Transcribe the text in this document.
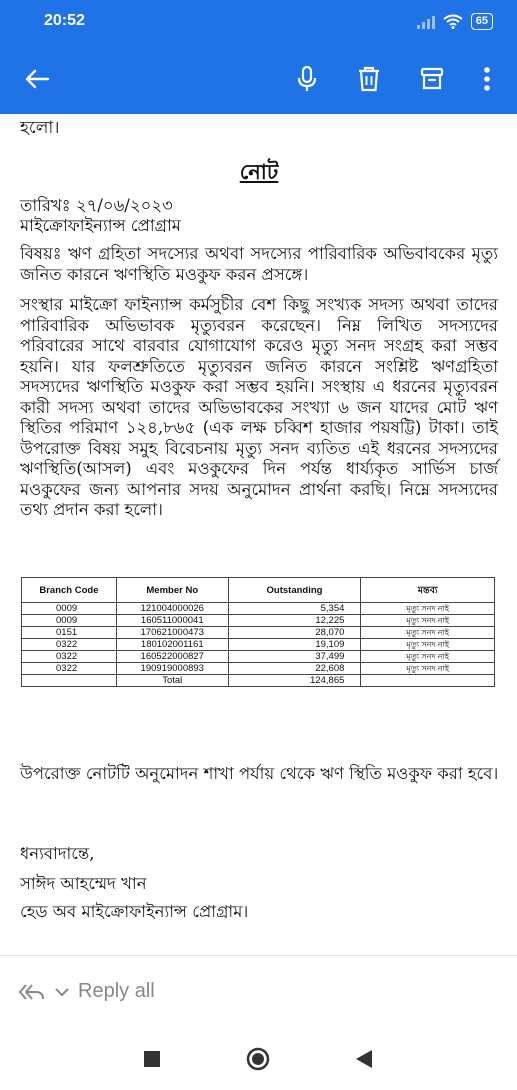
20:52	65
হলো।
নোট
তারিখঃ ২৭/০৬/২০২৩
মাইক্রোফাইন্যান্স প্রোগ্রাম
বিষয়ঃ ঋণ গ্রহিতা সদস্যের অথবা সদস্যের পারিবারিক অভিবাবকের মৃত্যু জনিত কারনে ঋণস্থিতি মওকুফ করন প্রসঙ্গে।
সংস্থার মাইক্রো ফাইন্যান্স কর্মসুচীর বেশ কিছু সংখ্যক সদস্য অথবা তাদের পারিবারিক অভিভাবক মৃত্যুবরন করেছেন। নিম্ন লিখিত সদস্যদের পরিবারের সাথে বারবার যোগাযোগ করেও মৃত্যু সনদ সংগ্রহ করা সম্ভব হয়নি। যার ফলশ্রুতিতে মৃত্যুবরন জনিত কারনে সংশ্লিষ্ট ঋণগ্রহিতা সদস্যদের ঋণস্থিতি মওকুফ করা সম্ভব হয়নি। সংস্থায় এ ধরনের মৃত্যুবরন কারী সদস্য অথবা তাদের অভিভাবকের সংখ্যা ৬ জন যাদের মোট ঋণ স্থিতির পরিমাণ ১২৪,৮৬৫ (এক লক্ষ চব্বিশ হাজার পয়ষট্টি) টাকা। তাই উপরোক্ত বিষয় সমুহ বিবেচনায় মৃত্যু সনদ ব্যতিত এই ধরনের সদস্যদের ঋণস্থিতি(আসল) এবং মওকুফের দিন পর্যন্ত ধার্য্যকৃত সার্ভিস চার্জ মওকুফের জন্য আপনার সদয় অনুমোদন প্রার্থনা করছি। নিম্নে সদস্যদের তথ্য প্রদান করা হলো।
Branch Code	Member No	Outstanding	মন্তব্য
0009	121004000026	5,354	মৃত্যু সনদ নাই
0009	160511000041	12,225	মৃত্যু সনদ নাই
0151	170621000473	28,070	মৃত্যু সনদ নাই
0322	180102001161	19,109	মৃত্যু সনদ নাই
0322	160522000827	37,499	মৃত্যু সনদ নাই
0322	190919000893	22,608	মৃত্যু সনদ নাই
	Total	124,865	
উপরোক্ত নোটটি অনুমোদন শাখা পর্যায় থেকে ঋণ স্থিতি মওকুফ করা হবে।
ধন্যবাদান্তে,
সাঈদ আহম্মেদ খান
হেড অব মাইক্রোফাইন্যান্স প্রোগ্রাম।
Reply all
